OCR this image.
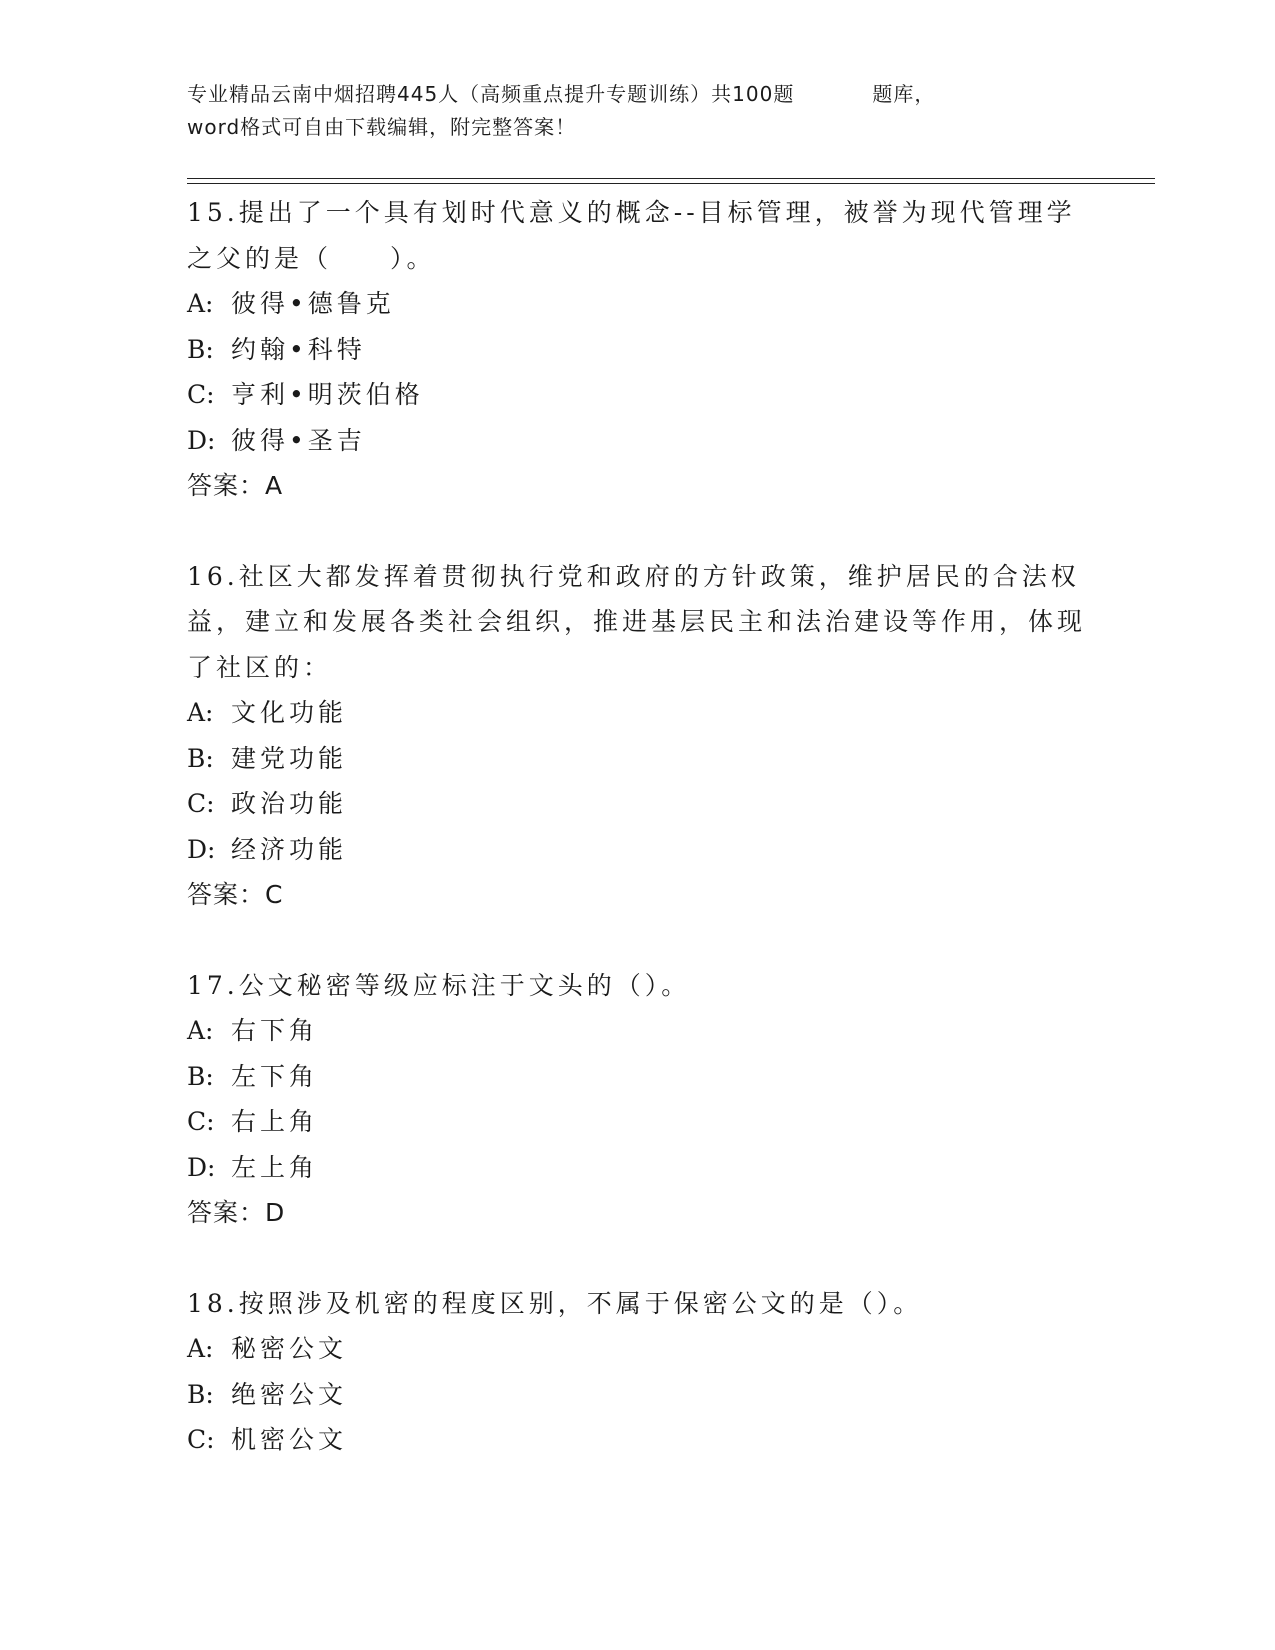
专业精品云南中烟招聘445人（高频重点提升专题训练）共100题	题库，
word格式可自由下载编辑，附完整答案！

15.提出了一个具有划时代意义的概念--目标管理，被誉为现代管理学之父的是（　　）。

A: 彼得•德鲁克
B: 约翰•科特
C: 亨利•明茨伯格
D: 彼得•圣吉
答案：A

16.社区大都发挥着贯彻执行党和政府的方针政策，维护居民的合法权益，建立和发展各类社会组织，推进基层民主和法治建设等作用，体现了社区的：

A: 文化功能
B: 建党功能
C: 政治功能
D: 经济功能
答案：C

17.公文秘密等级应标注于文头的（）。

A: 右下角
B: 左下角
C: 右上角
D: 左上角
答案：D

18.按照涉及机密的程度区别，不属于保密公文的是（）。

A: 秘密公文
B: 绝密公文
C: 机密公文
